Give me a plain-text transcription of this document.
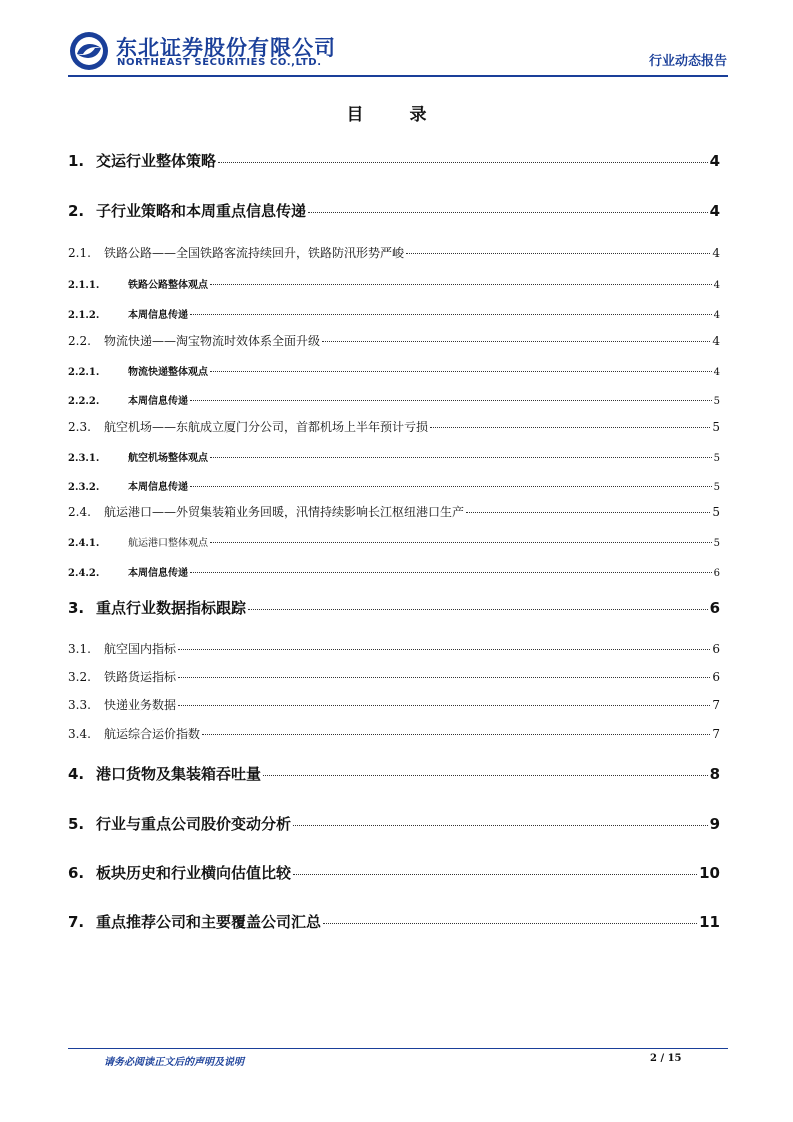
东北证券股份有限公司
NORTHEAST SECURITIES CO.,LTD.	行业动态报告
目 录
1. 交运行业整体策略	4
2. 子行业策略和本周重点信息传递	4
2.1.	铁路公路——全国铁路客流持续回升，铁路防汛形势严峻	4
2.1.1.	铁路公路整体观点	4
2.1.2.	本周信息传递	4
2.2.	物流快递——淘宝物流时效体系全面升级	4
2.2.1.	物流快递整体观点	4
2.2.2.	本周信息传递	5
2.3.	航空机场——东航成立厦门分公司，首都机场上半年预计亏损	5
2.3.1.	航空机场整体观点	5
2.3.2.	本周信息传递	5
2.4.	航运港口——外贸集装箱业务回暖，汛情持续影响长江枢纽港口生产	5
2.4.1.	航运港口整体观点	5
2.4.2.	本周信息传递	6
3. 重点行业数据指标跟踪	6
3.1.	航空国内指标	6
3.2.	铁路货运指标	6
3.3.	快递业务数据	7
3.4.	航运综合运价指数	7
4. 港口货物及集装箱吞吐量	8
5. 行业与重点公司股价变动分析	9
6. 板块历史和行业横向估值比较	10
7. 重点推荐公司和主要覆盖公司汇总	11
请务必阅读正文后的声明及说明	2 / 15
